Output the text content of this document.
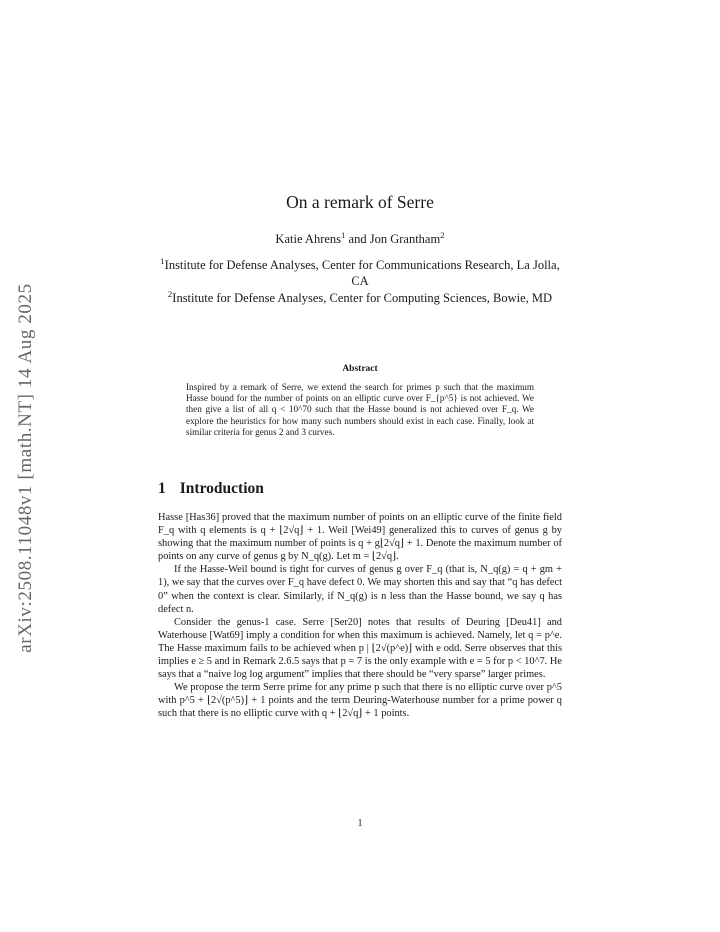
arXiv:2508.11048v1 [math.NT] 14 Aug 2025
On a remark of Serre
Katie Ahrens$^1$ and Jon Grantham$^2$
$^1$Institute for Defense Analyses, Center for Communications Research, La Jolla, CA
$^2$Institute for Defense Analyses, Center for Computing Sciences, Bowie, MD
Abstract
Inspired by a remark of Serre, we extend the search for primes p such that the maximum Hasse bound for the number of points on an elliptic curve over F_{p^5} is not achieved. We then give a list of all q < 10^70 such that the Hasse bound is not achieved over F_q. We explore the heuristics for how many such numbers should exist in each case. Finally, look at similar criteria for genus 2 and 3 curves.
1 Introduction

Hasse [Has36] proved that the maximum number of points on an elliptic curve of the finite field F_q with q elements is q + ⌊2√q⌋ + 1. Weil [Wei49] generalized this to curves of genus g by showing that the maximum number of points is q + g⌊2√q⌋ + 1. Denote the maximum number of points on any curve of genus g by N_q(g). Let m = ⌊2√q⌋.

If the Hasse-Weil bound is tight for curves of genus g over F_q (that is, N_q(g) = q + gm + 1), we say that the curves over F_q have defect 0. We may shorten this and say that “q has defect 0” when the context is clear. Similarly, if N_q(g) is n less than the Hasse bound, we say q has defect n.

Consider the genus-1 case. Serre [Ser20] notes that results of Deuring [Deu41] and Waterhouse [Wat69] imply a condition for when this maximum is achieved. Namely, let q = p^e. The Hasse maximum fails to be achieved when p | ⌊2√(p^e)⌋ with e odd. Serre observes that this implies e ≥ 5 and in Remark 2.6.5 says that p = 7 is the only example with e = 5 for p < 10^7. He says that a “naive log log argument” implies that there should be “very sparse” larger primes.

We propose the term Serre prime for any prime p such that there is no elliptic curve over p^5 with p^5 + ⌊2√(p^5)⌋ + 1 points and the term Deuring-Waterhouse number for a prime power q such that there is no elliptic curve with q + ⌊2√q⌋ + 1 points.

1
